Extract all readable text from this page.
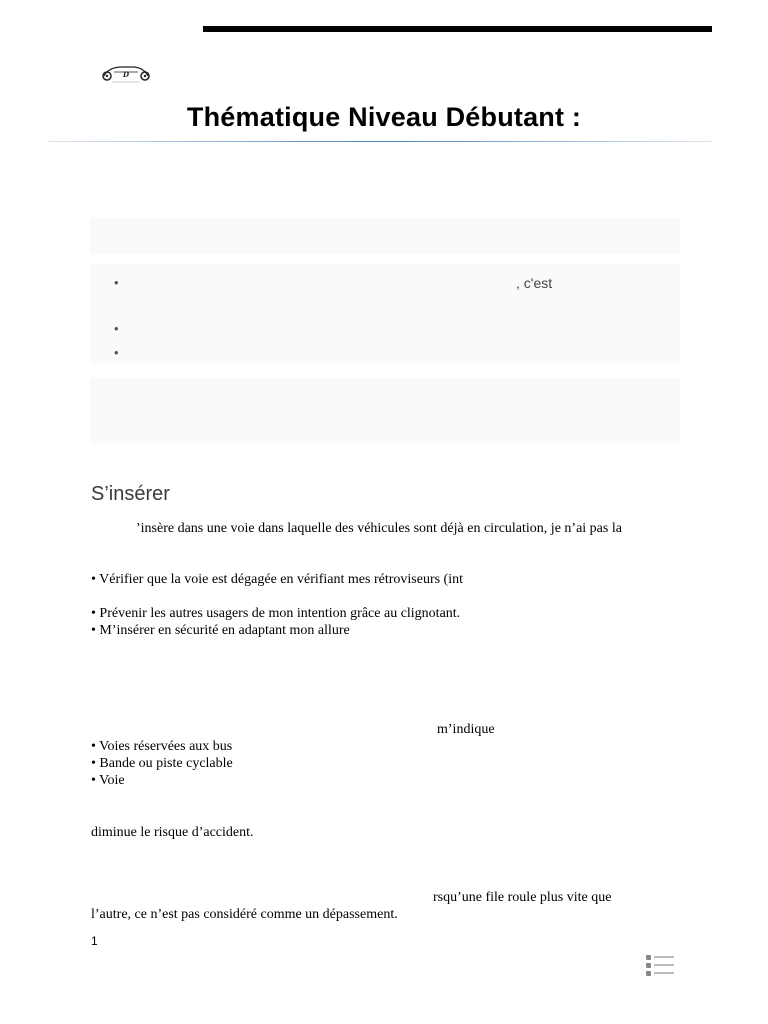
D
Thématique Niveau Débutant :
•	, c'est
•
•
S’insérer
’insère dans une voie dans laquelle des véhicules sont déjà en circulation, je n’ai pas la
• Vérifier que la voie est dégagée en vérifiant mes rétroviseurs (int
• Prévenir les autres usagers de mon intention grâce au clignotant.
• M’insérer en sécurité en adaptant mon allure
m’indique
• Voies réservées aux bus
• Bande ou piste cyclable
• Voie
diminue le risque d’accident.
rsqu’une file roule plus vite que
l’autre, ce n’est pas considéré comme un dépassement.
1
